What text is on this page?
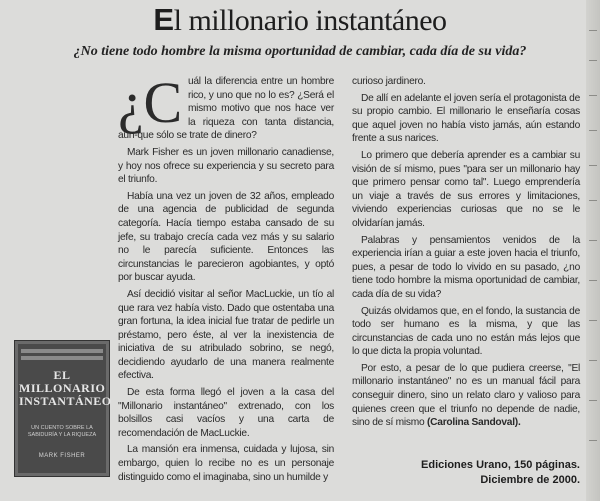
El millonario instantáneo
¿No tiene todo hombre la misma oportunidad de cambiar, cada día de su vida?

¿C uál la diferencia entre un hombre rico, y uno que no lo es? ¿Será el mismo motivo que nos hace ver la riqueza con tanta distancia, aun-que sólo se trate de dinero?

Mark Fisher es un joven millonario canadiense, y hoy nos ofrece su experiencia y su secreto para el triunfo.

Había una vez un joven de 32 años, empleado de una agencia de publicidad de segunda categoría. Hacía tiempo estaba cansado de su jefe, su trabajo crecía cada vez más y su salario no le parecía suficiente. Entonces las circunstancias le parecieron agobiantes, y optó por buscar ayuda.

Así decidió visitar al señor MacLuckie, un tío al que rara vez había visto. Dado que ostentaba una gran fortuna, la idea inicial fue tratar de pedirle un préstamo, pero éste, al ver la inexistencia de iniciativa de su atribulado sobrino, se negó, decidiendo ayudarlo de una manera realmente efectiva.

De esta forma llegó el joven a la casa del "Millonario instantáneo" extrenado, con los bolsillos casi vacíos y una carta de recomendación de MacLuckie.

La mansión era inmensa, cuidada y lujosa, sin embargo, quien lo recibe no es un personaje distinguido como el imaginaba, sino un humilde y

curioso jardinero.

De allí en adelante el joven sería el protagonista de su propio cambio. El millonario le enseñaría cosas que aquel joven no había visto jamás, aún estando frente a sus narices.

Lo primero que debería aprender es a cambiar su visión de sí mismo, pues "para ser un millonario hay que primero pensar como tal". Luego emprendería un viaje a través de sus errores y limitaciones, viviendo experiencias curiosas que no se le olvidarían jamás.

Palabras y pensamientos venidos de la experiencia irían a guiar a este joven hacia el triunfo, pues, a pesar de todo lo vivido en su pasado, ¿no tiene todo hombre la misma oportunidad de cambiar, cada día de su vida?

Quizás olvidamos que, en el fondo, la sustancia de todo ser humano es la misma, y que las circunstancias de cada uno no están más lejos que lo que dicta la propia voluntad.

Por esto, a pesar de lo que pudiera creerse, "El millonario instantáneo" no es un manual fácil para conseguir dinero, sino un relato claro y valioso para quienes creen que el triunfo no depende de nadie, sino de sí mismo (Carolina Sandoval).

EL
MILLONARIO
INSTANTÁNEO
UN CUENTO SOBRE LA SABIDURÍA Y LA RIQUEZA
MARK FISHER
Ediciones Urano, 150 páginas.
Diciembre de 2000.
